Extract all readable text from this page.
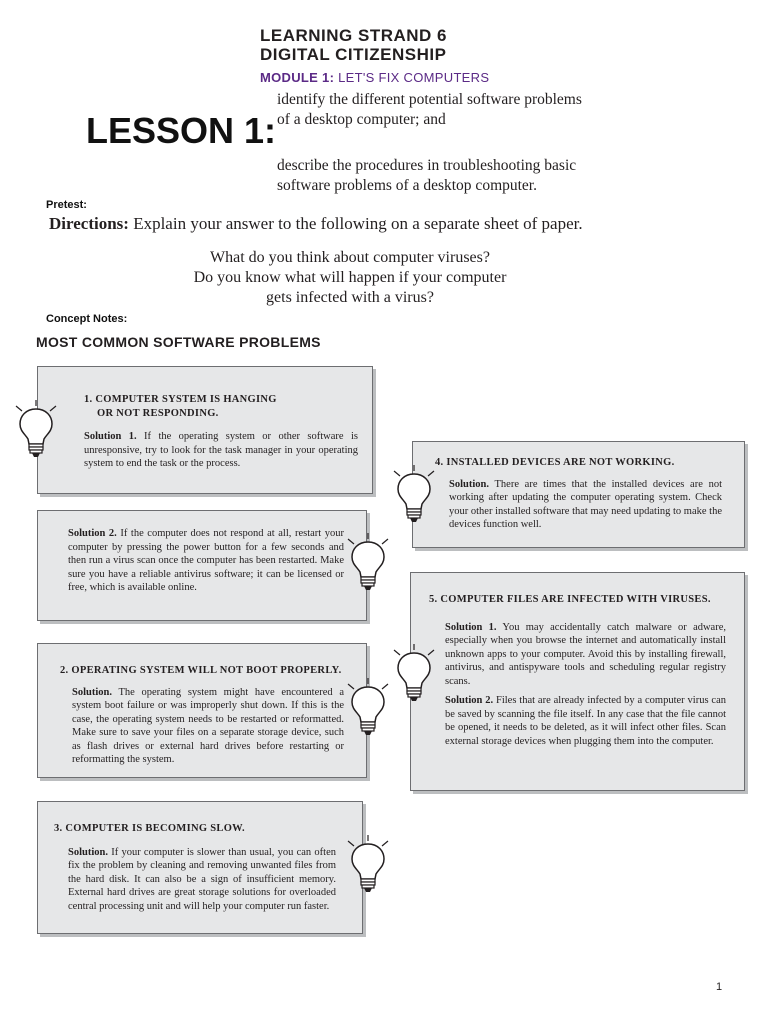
LEARNING STRAND 6
DIGITAL CITIZENSHIP
MODULE 1: LET'S FIX COMPUTERS
LESSON 1:
identify the different potential software problems
of a desktop computer; and
describe the procedures in troubleshooting basic
software problems of a desktop computer.
Pretest:
Directions: Explain your answer to the following on a separate sheet of paper.
What do you think about computer viruses?
Do you know what will happen if your computer
gets infected with a virus?
Concept Notes:
MOST COMMON SOFTWARE PROBLEMS
1. COMPUTER SYSTEM IS HANGING
OR NOT RESPONDING.

Solution 1. If the operating system or other software is unresponsive, try to look for the task manager in your operating system to end the task or the process.

Solution 2. If the computer does not respond at all, restart your computer by pressing the power button for a few seconds and then run a virus scan once the computer has been restarted. Make sure you have a reliable antivirus software; it can be licensed or free, which is available online.

2. OPERATING SYSTEM WILL NOT BOOT PROPERLY.

Solution. The operating system might have encountered a system boot failure or was improperly shut down. If this is the case, the operating system needs to be restarted or reformatted. Make sure to save your files on a separate storage device, such as flash drives or external hard drives before restarting or reformatting the system.

3. COMPUTER IS BECOMING SLOW.

Solution. If your computer is slower than usual, you can often fix the problem by cleaning and removing unwanted files from the hard disk. It can also be a sign of insufficient memory. External hard drives are great storage solutions for overloaded central processing unit and will help your computer run faster.

4. INSTALLED DEVICES ARE NOT WORKING.

Solution. There are times that the installed devices are not working after updating the computer operating system. Check your other installed software that may need updating to make the devices function well.

5. COMPUTER FILES ARE INFECTED WITH VIRUSES.

Solution 1. You may accidentally catch malware or adware, especially when you browse the internet and automatically install unknown apps to your computer. Avoid this by installing firewall, antivirus, and antispyware tools and scheduling regular registry scans.

Solution 2. Files that are already infected by a computer virus can be saved by scanning the file itself. In any case that the file cannot be opened, it needs to be deleted, as it will infect other files. Scan external storage devices when plugging them into the computer.

1
